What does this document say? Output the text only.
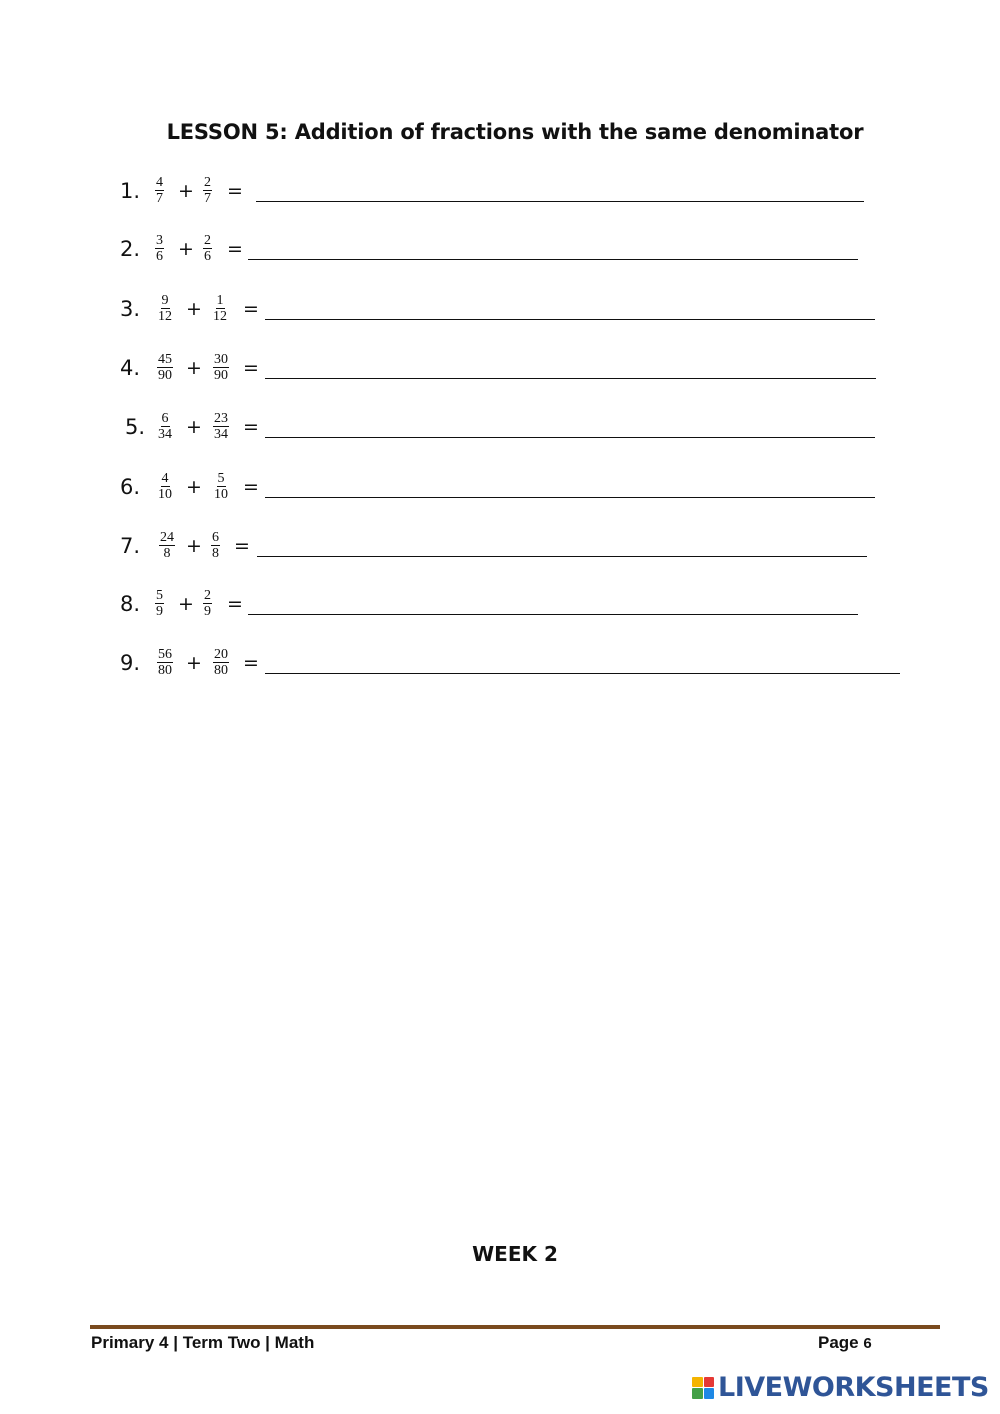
LESSON 5: Addition of fractions with the same denominator
1. $\frac{4}{7} + \frac{2}{7}$ =
2. $\frac{3}{6} + \frac{2}{6}$ =
3. $\frac{9}{12} + \frac{1}{12}$ =
4. $\frac{45}{90} + \frac{30}{90}$ =
5. $\frac{6}{34} + \frac{23}{34}$ =
6. $\frac{4}{10} + \frac{5}{10}$ =
7. $\frac{24}{8} + \frac{6}{8}$ =
8. $\frac{5}{9} + \frac{2}{9}$ =
9. $\frac{56}{80} + \frac{20}{80}$ =
WEEK 2
Primary 4 | Term Two | Math	Page 6
LIVEWORKSHEETS
